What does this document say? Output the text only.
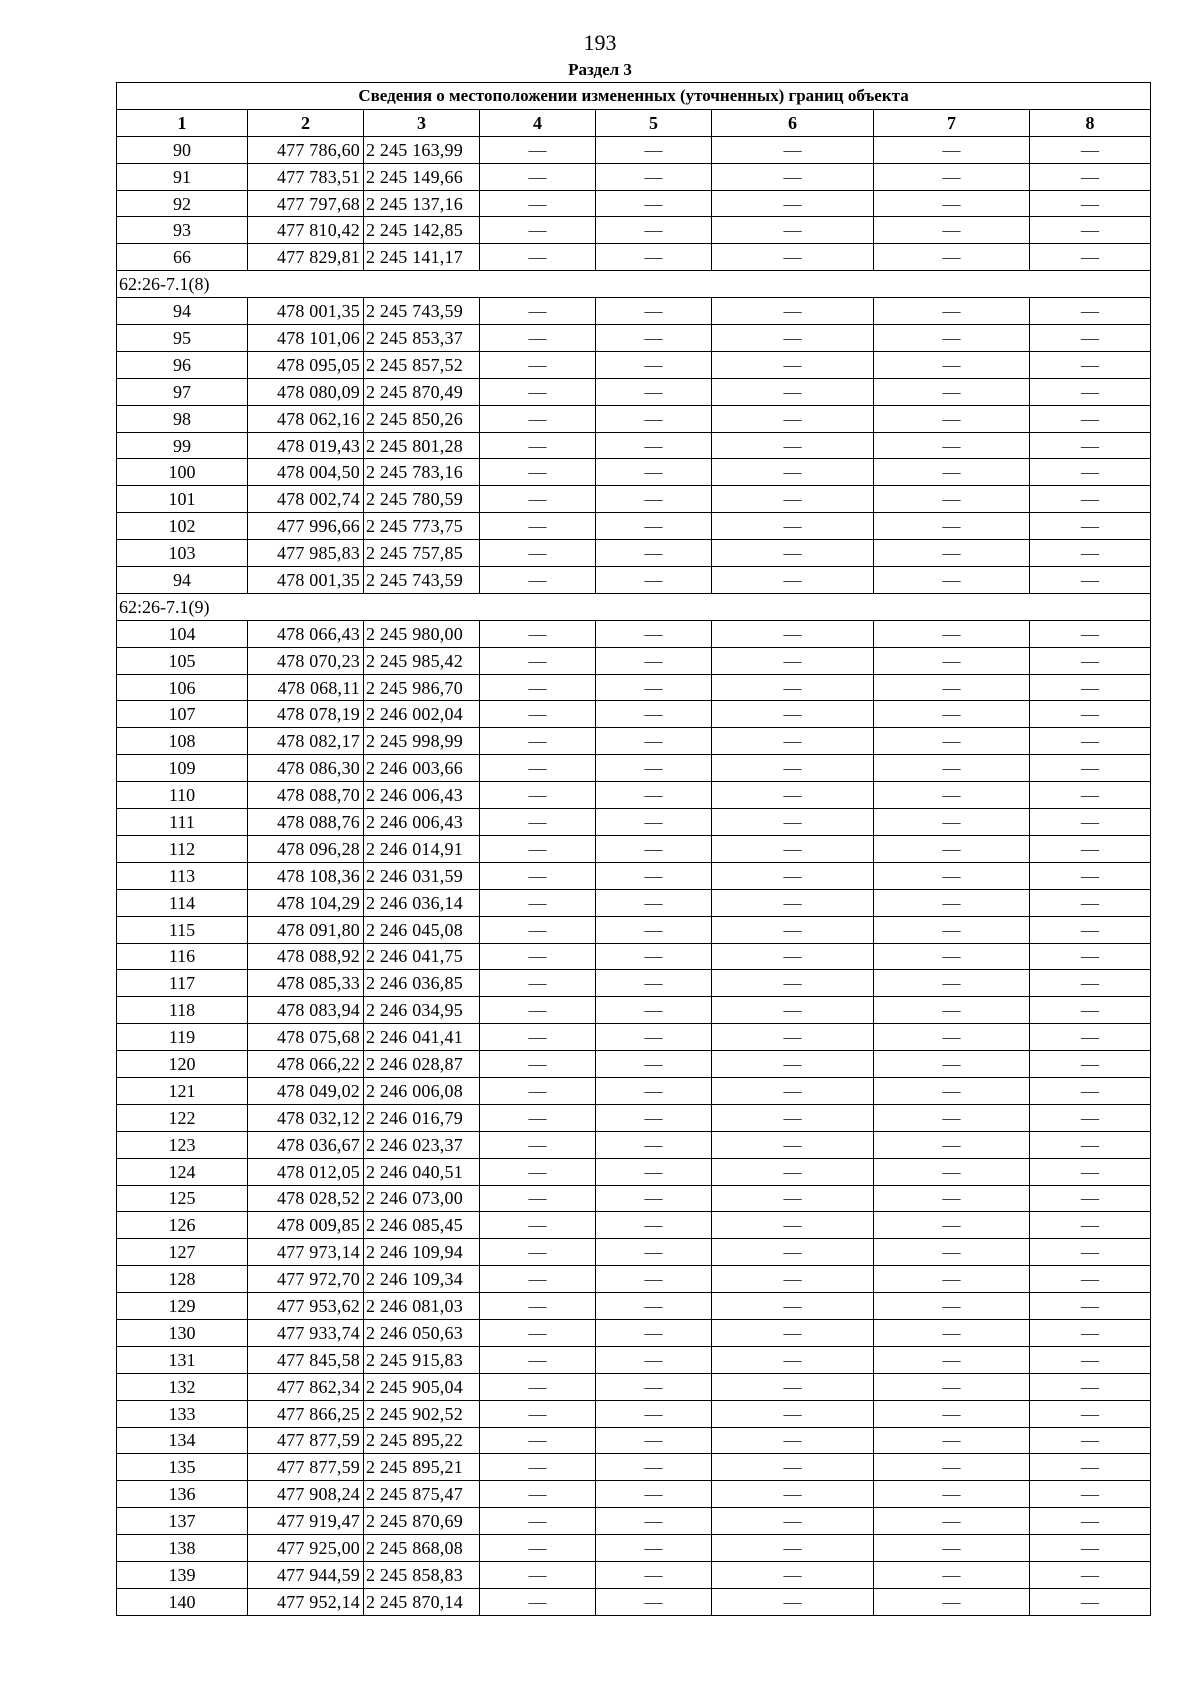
193
Раздел 3
Сведения о местоположении измененных (уточненных) границ объекта							
1	2	3	4	5	6	7	8
90	477 786,60	2 245 163,99	—	—	—	—	—
91	477 783,51	2 245 149,66	—	—	—	—	—
92	477 797,68	2 245 137,16	—	—	—	—	—
93	477 810,42	2 245 142,85	—	—	—	—	—
66	477 829,81	2 245 141,17	—	—	—	—	—
62:26-7.1(8)							
94	478 001,35	2 245 743,59	—	—	—	—	—
95	478 101,06	2 245 853,37	—	—	—	—	—
96	478 095,05	2 245 857,52	—	—	—	—	—
97	478 080,09	2 245 870,49	—	—	—	—	—
98	478 062,16	2 245 850,26	—	—	—	—	—
99	478 019,43	2 245 801,28	—	—	—	—	—
100	478 004,50	2 245 783,16	—	—	—	—	—
101	478 002,74	2 245 780,59	—	—	—	—	—
102	477 996,66	2 245 773,75	—	—	—	—	—
103	477 985,83	2 245 757,85	—	—	—	—	—
94	478 001,35	2 245 743,59	—	—	—	—	—
62:26-7.1(9)							
104	478 066,43	2 245 980,00	—	—	—	—	—
105	478 070,23	2 245 985,42	—	—	—	—	—
106	478 068,11	2 245 986,70	—	—	—	—	—
107	478 078,19	2 246 002,04	—	—	—	—	—
108	478 082,17	2 245 998,99	—	—	—	—	—
109	478 086,30	2 246 003,66	—	—	—	—	—
110	478 088,70	2 246 006,43	—	—	—	—	—
111	478 088,76	2 246 006,43	—	—	—	—	—
112	478 096,28	2 246 014,91	—	—	—	—	—
113	478 108,36	2 246 031,59	—	—	—	—	—
114	478 104,29	2 246 036,14	—	—	—	—	—
115	478 091,80	2 246 045,08	—	—	—	—	—
116	478 088,92	2 246 041,75	—	—	—	—	—
117	478 085,33	2 246 036,85	—	—	—	—	—
118	478 083,94	2 246 034,95	—	—	—	—	—
119	478 075,68	2 246 041,41	—	—	—	—	—
120	478 066,22	2 246 028,87	—	—	—	—	—
121	478 049,02	2 246 006,08	—	—	—	—	—
122	478 032,12	2 246 016,79	—	—	—	—	—
123	478 036,67	2 246 023,37	—	—	—	—	—
124	478 012,05	2 246 040,51	—	—	—	—	—
125	478 028,52	2 246 073,00	—	—	—	—	—
126	478 009,85	2 246 085,45	—	—	—	—	—
127	477 973,14	2 246 109,94	—	—	—	—	—
128	477 972,70	2 246 109,34	—	—	—	—	—
129	477 953,62	2 246 081,03	—	—	—	—	—
130	477 933,74	2 246 050,63	—	—	—	—	—
131	477 845,58	2 245 915,83	—	—	—	—	—
132	477 862,34	2 245 905,04	—	—	—	—	—
133	477 866,25	2 245 902,52	—	—	—	—	—
134	477 877,59	2 245 895,22	—	—	—	—	—
135	477 877,59	2 245 895,21	—	—	—	—	—
136	477 908,24	2 245 875,47	—	—	—	—	—
137	477 919,47	2 245 870,69	—	—	—	—	—
138	477 925,00	2 245 868,08	—	—	—	—	—
139	477 944,59	2 245 858,83	—	—	—	—	—
140	477 952,14	2 245 870,14	—	—	—	—	—
